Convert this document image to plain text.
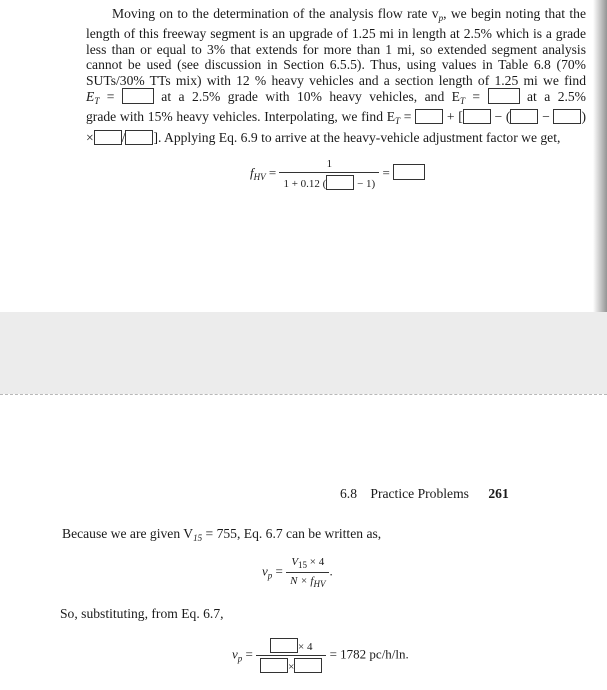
Moving on to the determination of the analysis flow rate $v_p$, we begin noting that the
length of this freeway segment is an upgrade of 1.25 mi in length at 2.5% which is a grade
less than or equal to 3% that extends for more than 1 mi, so extended segment analysis
cannot be used (see discussion in Section 6.5.5). Thus, using values in Table 6.8 (70%
SUTs/30% TTs mix) with 12 % heavy vehicles and a section length of 1.25 mi we find
$E_T$ =  at a 2.5% grade with 10% heavy vehicles, and $E_T$ =  at a 2.5%
grade with 15% heavy vehicles. Interpolating, we find $E_T$ =  + [ − ( − )
× / ]. Applying Eq. 6.9 to arrive at the heavy-vehicle adjustment factor we get,
$f_{HV} = 1$
1 + 0.12 (	− 1) =
6.8 Practice Problems 261
Because we are given $V_{15} = 755$, Eq. 6.7 can be written as,
$v_p = \frac{V_{15} \times 4}{N \times f_{HV}}$ .
So, substituting, from Eq. 6.7,
$v_p = \frac{\times 4}{\times} = 1782$ pc/h/ln.
